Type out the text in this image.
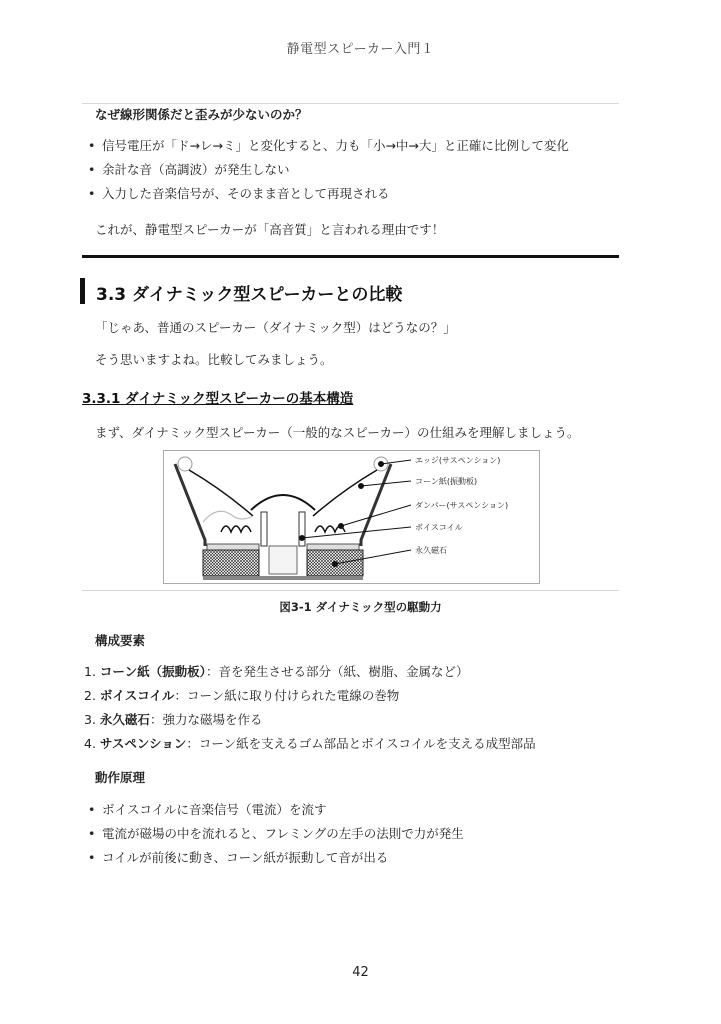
静電型スピーカー入門１
なぜ線形関係だと歪みが少ないのか？
• 信号電圧が「ド→レ→ミ」と変化すると、力も「小→中→大」と正確に比例して変化
• 余計な音（高調波）が発生しない
• 入力した音楽信号が、そのまま音として再現される
これが、静電型スピーカーが「高音質」と言われる理由です！
3.3 ダイナミック型スピーカーとの比較
「じゃあ、普通のスピーカー（ダイナミック型）はどうなの？」
そう思いますよね。比較してみましょう。
3.3.1 ダイナミック型スピーカーの基本構造
まず、ダイナミック型スピーカー（一般的なスピーカー）の仕組みを理解しましょう。
エッジ(サスペンション)
コーン紙(振動板)
ダンパー(サスペンション)
ボイスコイル
永久磁石
図3-1 ダイナミック型の駆動力
構成要素
1. コーン紙（振動板）：音を発生させる部分（紙、樹脂、金属など）
2. ボイスコイル：コーン紙に取り付けられた電線の巻物
3. 永久磁石：強力な磁場を作る
4. サスペンション：コーン紙を支えるゴム部品とボイスコイルを支える成型部品
動作原理
• ボイスコイルに音楽信号（電流）を流す
• 電流が磁場の中を流れると、フレミングの左手の法則で力が発生
• コイルが前後に動き、コーン紙が振動して音が出る
42
